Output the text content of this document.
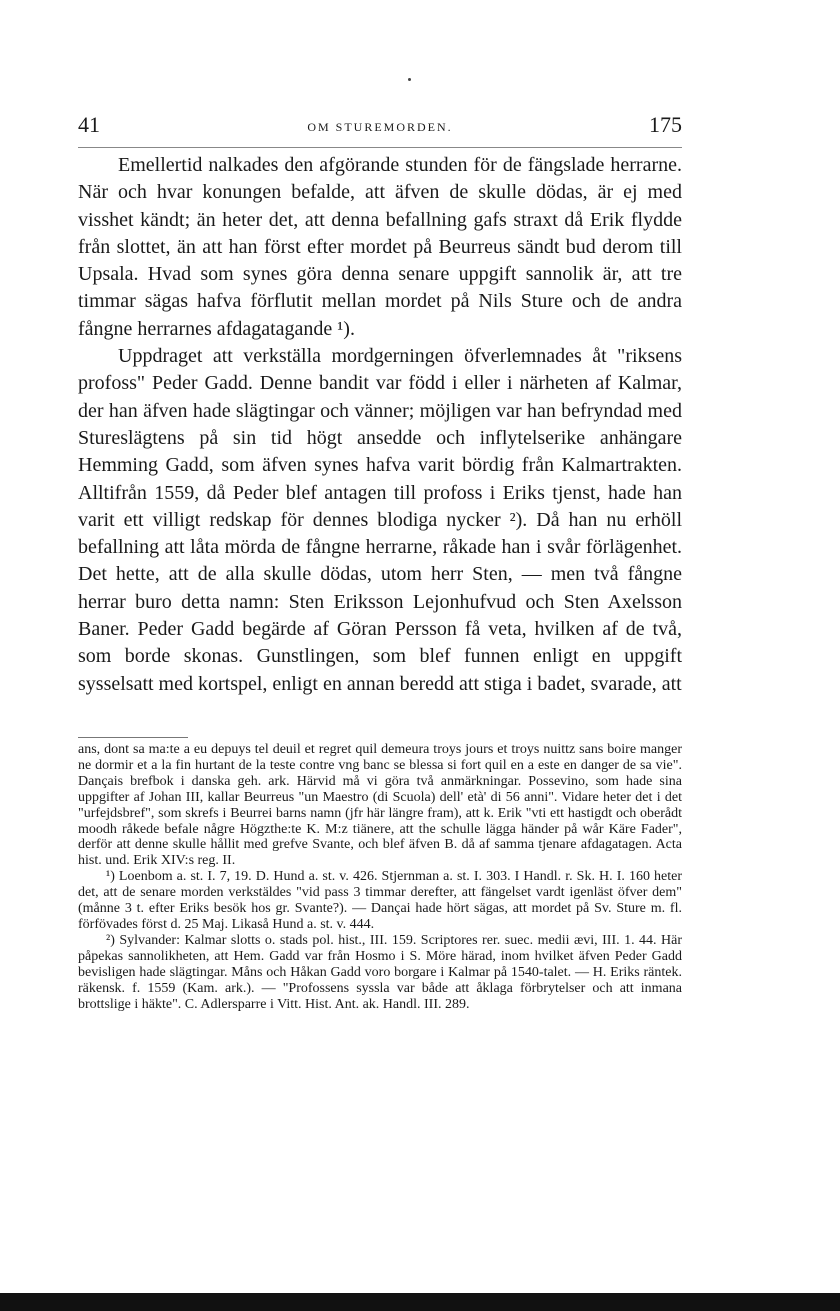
41	OM STUREMORDEN.	175

Emellertid nalkades den afgörande stunden för de fängslade herrarne. När och hvar konungen befalde, att äfven de skulle dödas, är ej med visshet kändt; än heter det, att denna befallning gafs straxt då Erik flydde från slottet, än att han först efter mordet på Beurreus sändt bud derom till Upsala. Hvad som synes göra denna senare uppgift sannolik är, att tre timmar sägas hafva förflutit mellan mordet på Nils Sture och de andra fångne herrarnes afdagatagande ¹).

Uppdraget att verkställa mordgerningen öfverlemnades åt "riksens profoss" Peder Gadd. Denne bandit var född i eller i närheten af Kalmar, der han äfven hade slägtingar och vänner; möjligen var han befryndad med Stureslägtens på sin tid högt ansedde och inflytelserike anhängare Hemming Gadd, som äfven synes hafva varit bördig från Kalmartrakten. Alltifrån 1559, då Peder blef antagen till profoss i Eriks tjenst, hade han varit ett villigt redskap för dennes blodiga nycker ²). Då han nu erhöll befallning att låta mörda de fångne herrarne, råkade han i svår förlägenhet. Det hette, att de alla skulle dödas, utom herr Sten, — men två fångne herrar buro detta namn: Sten Eriksson Lejonhufvud och Sten Axelsson Baner. Peder Gadd begärde af Göran Persson få veta, hvilken af de två, som borde skonas. Gunstlingen, som blef funnen enligt en uppgift sysselsatt med kortspel, enligt en annan beredd att stiga i badet, svarade, att

ans, dont sa ma:te a eu depuys tel deuil et regret quil demeura troys jours et troys nuittz sans boire manger ne dormir et a la fin hurtant de la teste contre vng banc se blessa si fort quil en a este en danger de sa vie". Dançais brefbok i danska geh. ark. Härvid må vi göra två anmärkningar. Possevino, som hade sina uppgifter af Johan III, kallar Beurreus "un Maestro (di Scuola) dell' età' di 56 anni". Vidare heter det i det "urfejdsbref", som skrefs i Beurrei barns namn (jfr här längre fram), att k. Erik "vti ett hastigdt och oberådt moodh råkede befale någre Högzthe:te K. M:z tiänere, att the schulle lägga händer på wår Käre Fader", derför att denne skulle hållit med grefve Svante, och blef äfven B. då af samma tjenare afdagatagen. Acta hist. und. Erik XIV:s reg. II.

¹) Loenbom a. st. I. 7, 19. D. Hund a. st. v. 426. Stjernman a. st. I. 303. I Handl. r. Sk. H. I. 160 heter det, att de senare morden verkstäldes "vid pass 3 timmar derefter, att fängelset vardt igenläst öfver dem" (månne 3 t. efter Eriks besök hos gr. Svante?). — Dançai hade hört sägas, att mordet på Sv. Sture m. fl. förfövades först d. 25 Maj. Likaså Hund a. st. v. 444.

²) Sylvander: Kalmar slotts o. stads pol. hist., III. 159. Scriptores rer. suec. medii ævi, III. 1. 44. Här påpekas sannolikheten, att Hem. Gadd var från Hosmo i S. Möre härad, inom hvilket äfven Peder Gadd bevisligen hade slägtingar. Måns och Håkan Gadd voro borgare i Kalmar på 1540-talet. — H. Eriks räntek. räkensk. f. 1559 (Kam. ark.). — "Profossens syssla var både att åklaga förbrytelser och att inmana brottslige i häkte". C. Adlersparre i Vitt. Hist. Ant. ak. Handl. III. 289.
